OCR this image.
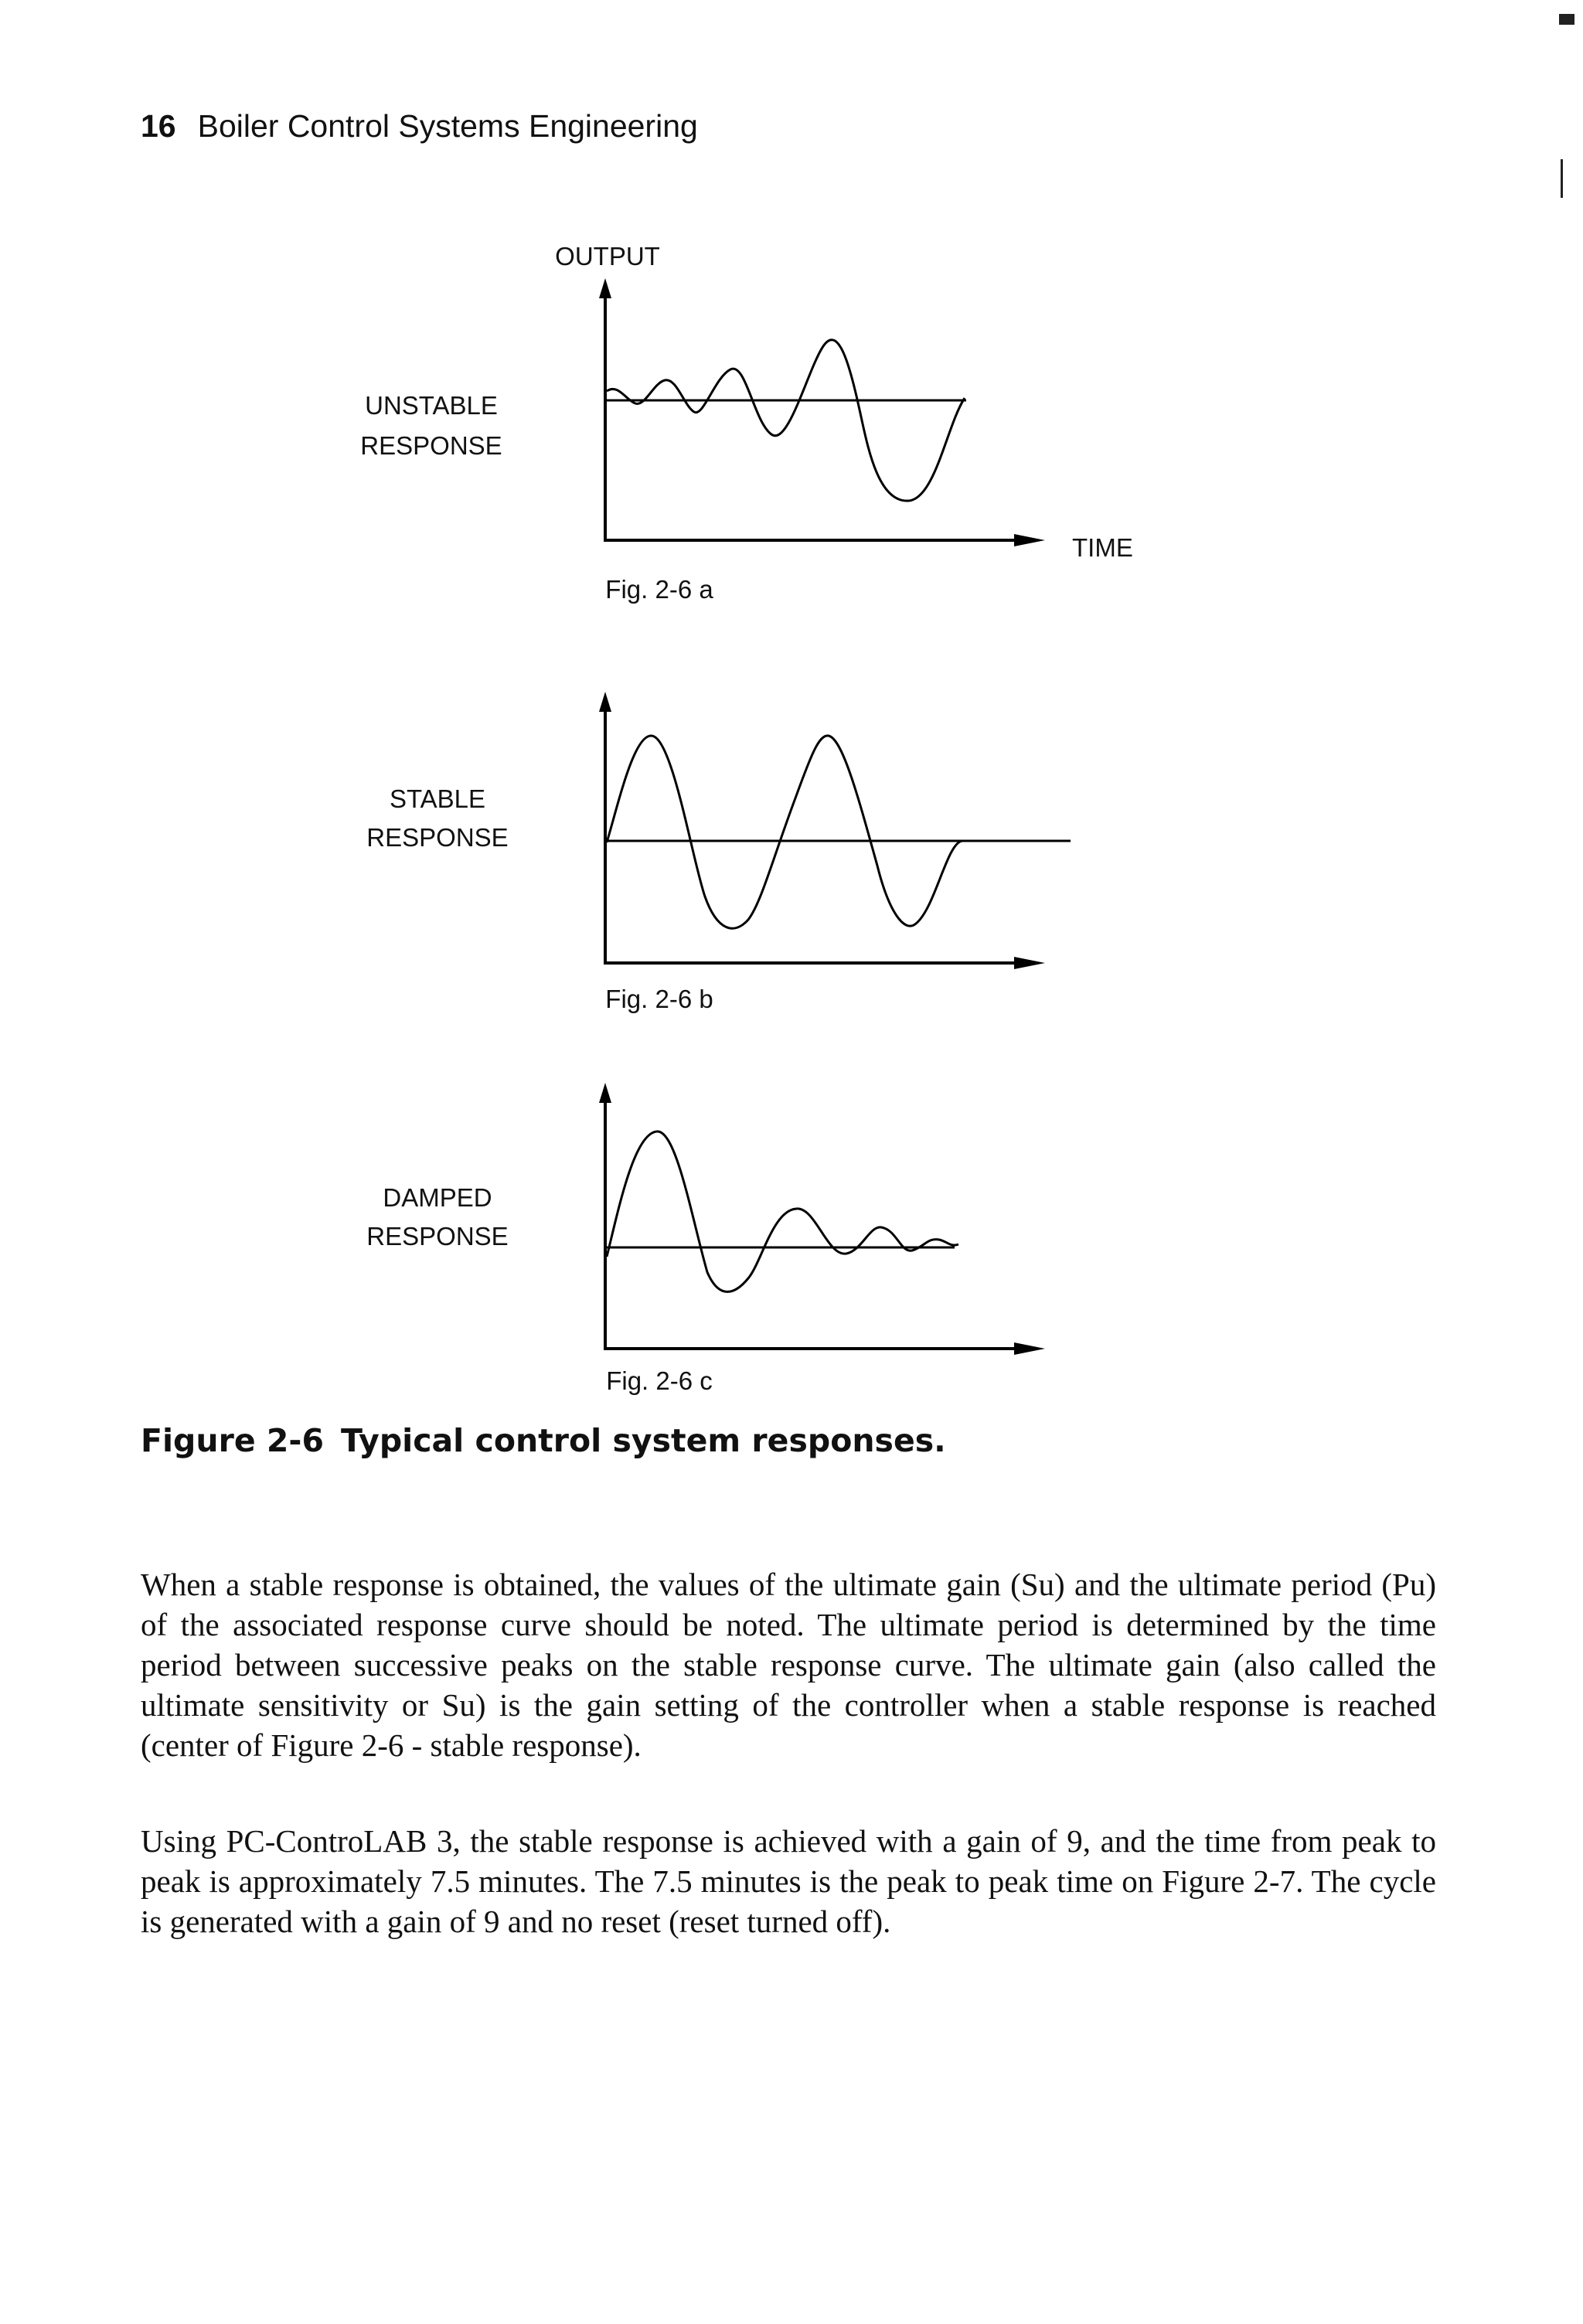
16 Boiler Control Systems Engineering
OUTPUT
TIME
UNSTABLE
RESPONSE
Fig. 2-6 a
STABLE
RESPONSE
Fig. 2-6 b
DAMPED
RESPONSE
Fig. 2-6 c
Figure 2-6 Typical control system responses.

When a stable response is obtained, the values of the ultimate gain (Su) and the ultimate period (Pu) of the associated response curve should be noted. The ultimate period is determined by the time period between successive peaks on the stable response curve. The ultimate gain (also called the ultimate sensitivity or Su) is the gain setting of the controller when a stable response is reached (center of Figure 2-6 - stable response).

Using PC-ControLAB 3, the stable response is achieved with a gain of 9, and the time from peak to peak is approximately 7.5 minutes. The 7.5 minutes is the peak to peak time on Figure 2-7. The cycle is generated with a gain of 9 and no reset (reset turned off).
